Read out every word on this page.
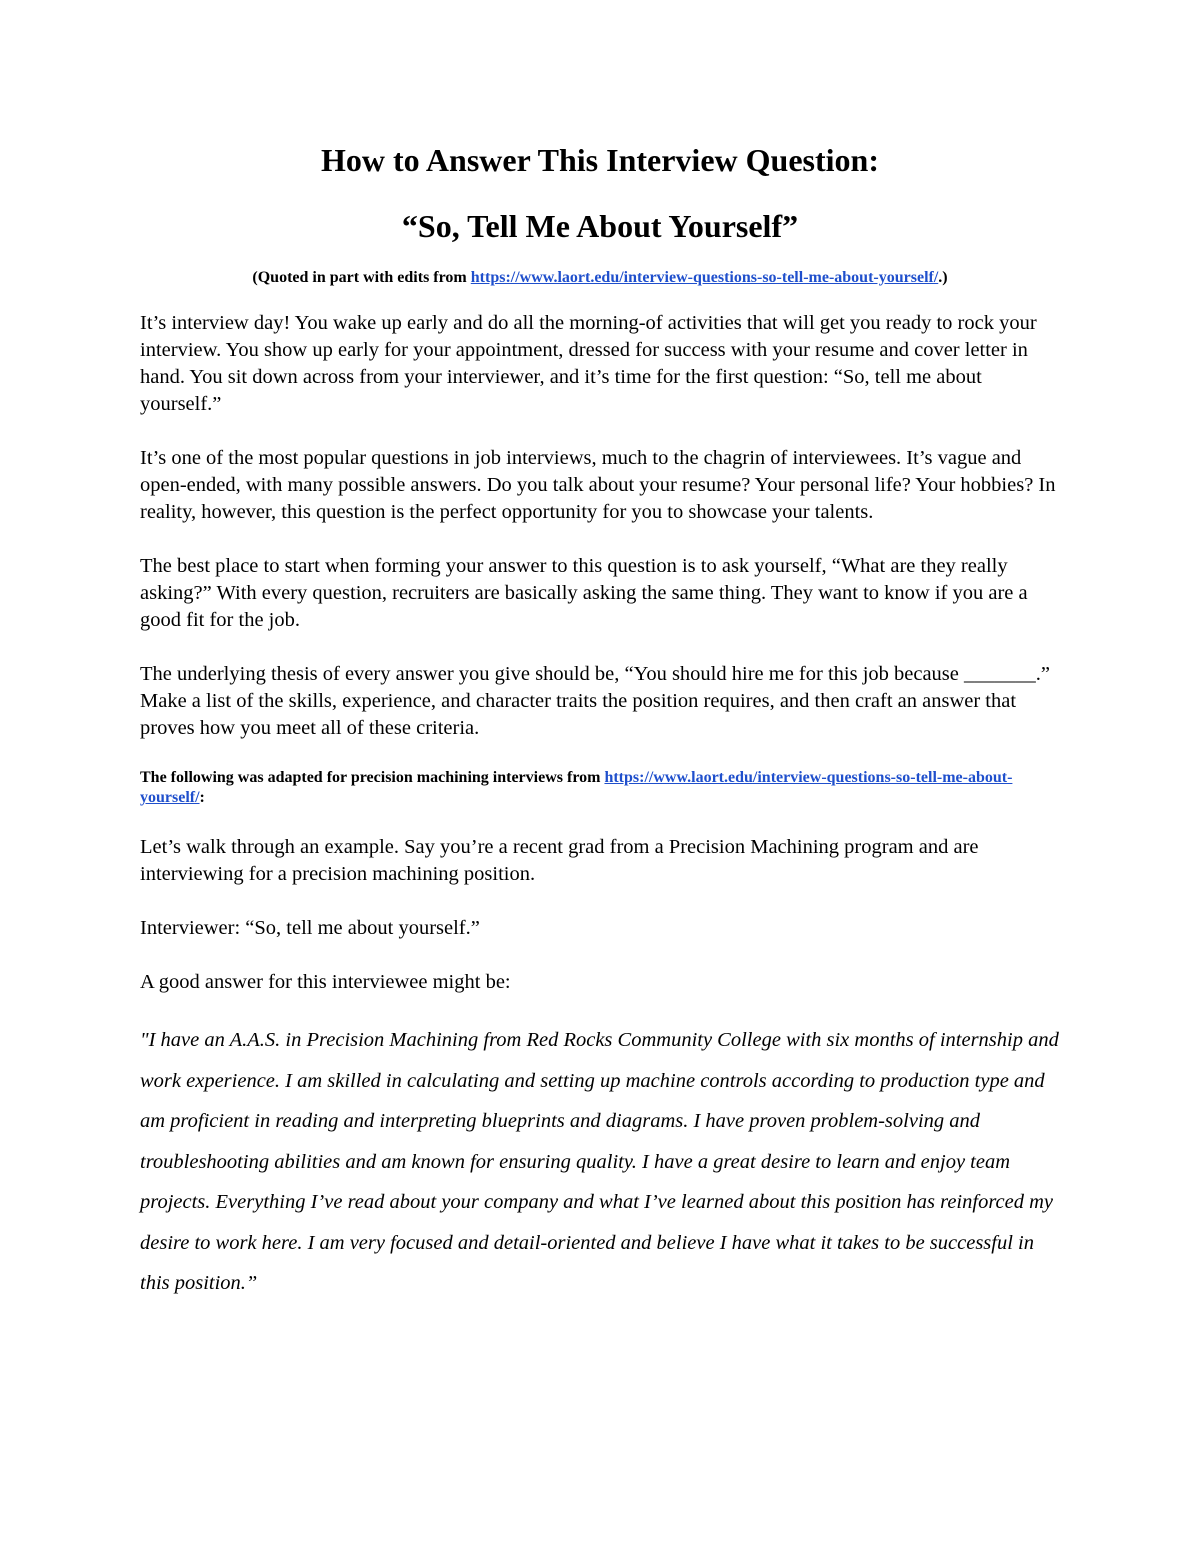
How to Answer This Interview Question:
“So, Tell Me About Yourself”

(Quoted in part with edits from https://www.laort.edu/interview-questions-so-tell-me-about-yourself/.)

It’s interview day! You wake up early and do all the morning-of activities that will get you ready to rock your interview. You show up early for your appointment, dressed for success with your resume and cover letter in hand. You sit down across from your interviewer, and it’s time for the first question: “So, tell me about yourself.”

It’s one of the most popular questions in job interviews, much to the chagrin of interviewees. It’s vague and open-ended, with many possible answers. Do you talk about your resume? Your personal life? Your hobbies? In reality, however, this question is the perfect opportunity for you to showcase your talents.

The best place to start when forming your answer to this question is to ask yourself, “What are they really asking?” With every question, recruiters are basically asking the same thing. They want to know if you are a good fit for the job.

The underlying thesis of every answer you give should be, “You should hire me for this job because _______.” Make a list of the skills, experience, and character traits the position requires, and then craft an answer that proves how you meet all of these criteria.

The following was adapted for precision machining interviews from https://www.laort.edu/interview-questions-so-tell-me-about-yourself/:

Let’s walk through an example. Say you’re a recent grad from a Precision Machining program and are interviewing for a precision machining position.

Interviewer: “So, tell me about yourself.”

A good answer for this interviewee might be:

"I have an A.A.S. in Precision Machining from Red Rocks Community College with six months of internship and work experience. I am skilled in calculating and setting up machine controls according to production type and am proficient in reading and interpreting blueprints and diagrams. I have proven problem-solving and troubleshooting abilities and am known for ensuring quality. I have a great desire to learn and enjoy team projects. Everything I’ve read about your company and what I’ve learned about this position has reinforced my desire to work here. I am very focused and detail-oriented and believe I have what it takes to be successful in this position.”
